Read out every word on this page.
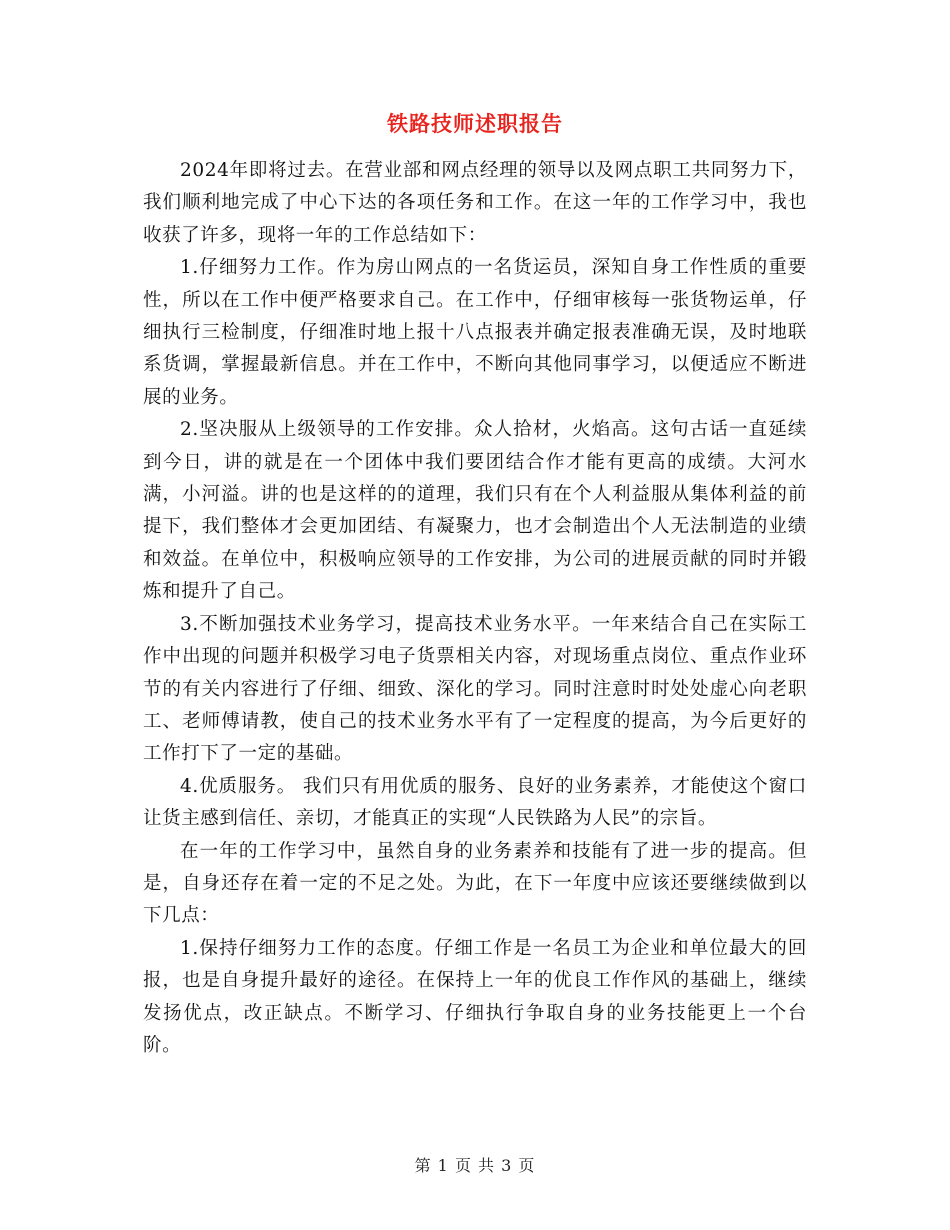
铁路技师述职报告

2024年即将过去。在营业部和网点经理的领导以及网点职工共同努力下，我们顺利地完成了中心下达的各项任务和工作。在这一年的工作学习中，我也收获了许多，现将一年的工作总结如下：

1.仔细努力工作。作为房山网点的一名货运员，深知自身工作性质的重要性，所以在工作中便严格要求自己。在工作中，仔细审核每一张货物运单，仔细执行三检制度，仔细准时地上报十八点报表并确定报表准确无误，及时地联系货调，掌握最新信息。并在工作中，不断向其他同事学习，以便适应不断进展的业务。

2.坚决服从上级领导的工作安排。众人拾材，火焰高。这句古话一直延续到今日，讲的就是在一个团体中我们要团结合作才能有更高的成绩。大河水满，小河溢。讲的也是这样的的道理，我们只有在个人利益服从集体利益的前提下，我们整体才会更加团结、有凝聚力，也才会制造出个人无法制造的业绩和效益。在单位中，积极响应领导的工作安排，为公司的进展贡献的同时并锻炼和提升了自己。

3.不断加强技术业务学习，提高技术业务水平。一年来结合自己在实际工作中出现的问题并积极学习电子货票相关内容，对现场重点岗位、重点作业环节的有关内容进行了仔细、细致、深化的学习。同时注意时时处处虚心向老职工、老师傅请教，使自己的技术业务水平有了一定程度的提高，为今后更好的工作打下了一定的基础。

4.优质服务。 我们只有用优质的服务、良好的业务素养，才能使这个窗口让货主感到信任、亲切，才能真正的实现“人民铁路为人民”的宗旨。

在一年的工作学习中，虽然自身的业务素养和技能有了进一步的提高。但是，自身还存在着一定的不足之处。为此，在下一年度中应该还要继续做到以下几点：

1.保持仔细努力工作的态度。仔细工作是一名员工为企业和单位最大的回报，也是自身提升最好的途径。在保持上一年的优良工作作风的基础上，继续发扬优点，改正缺点。不断学习、仔细执行争取自身的业务技能更上一个台阶。

第 1 页 共 3 页
